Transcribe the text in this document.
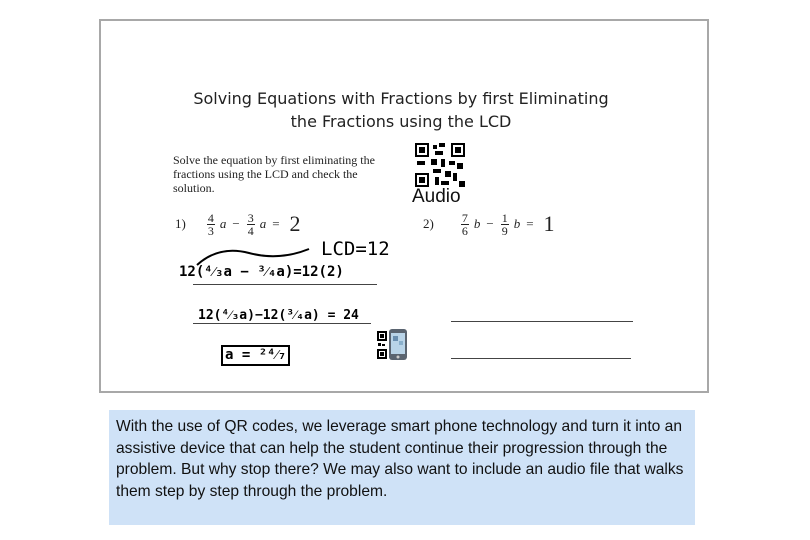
Solving Equations with Fractions by first Eliminating
the Fractions using the LCD
Solve the equation by first eliminating the fractions using the LCD and check the solution.	Audio
$1) \frac{4}{3}$ $a - \frac{3}{4}$ a = 2	$2) \frac{7}{6}$ $b - \frac{1}{9}$ b = 1
LCD=12
12(⁴⁄₃a − ³⁄₄a)=12(2)
12(⁴⁄₃a)−12(³⁄₄a) = 24
a = ²⁴⁄₇
With the use of QR codes, we leverage smart phone technology and turn it into an assistive device that can help the student continue their progression through the problem. But why stop there? We may also want to include an audio file that walks them step by step through the problem.
